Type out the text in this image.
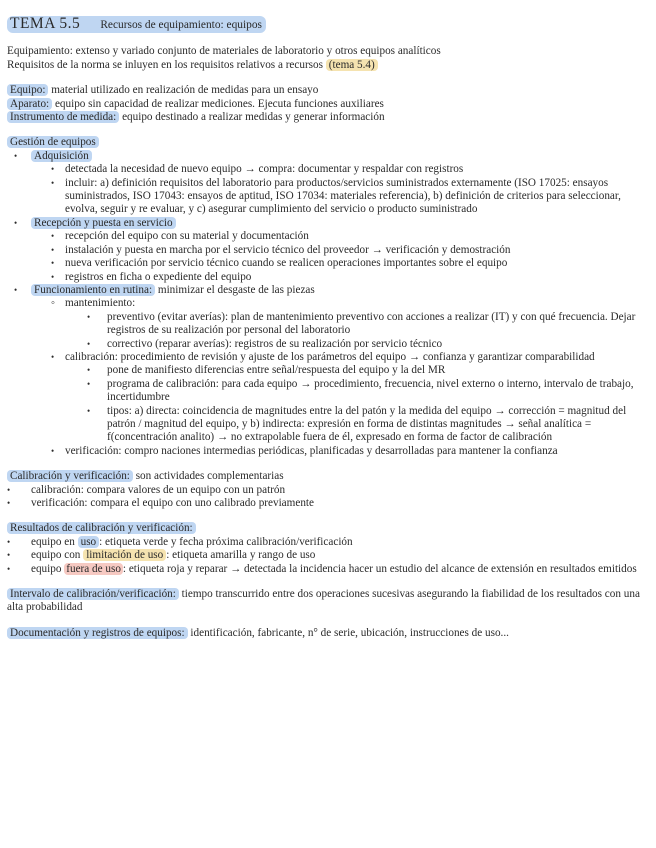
TEMA 5.5 Recursos de equipamiento: equipos

Equipamiento: extenso y variado conjunto de materiales de laboratorio y otros equipos analíticos

Requisitos de la norma se inluyen en los requisitos relativos a recursos (tema 5.4)

Equipo: material utilizado en realización de medidas para un ensayo

Aparato: equipo sin capacidad de realizar mediciones. Ejecuta funciones auxiliares

Instrumento de medida: equipo destinado a realizar medidas y generar información

Gestión de equipos

• Adquisición
• detectada la necesidad de nuevo equipo → compra: documentar y respaldar con registros
• incluir: a) definición requisitos del laboratorio para productos/servicios suministrados externamente (ISO 17025: ensayos suministrados, ISO 17043: ensayos de aptitud, ISO 17034: materiales referencia), b) definición de criterios para seleccionar, evolva, seguir y re evaluar, y c) asegurar cumplimiento del servicio o producto suministrado
• Recepción y puesta en servicio
• recepción del equipo con su material y documentación
• instalación y puesta en marcha por el servicio técnico del proveedor → verificación y demostración
• nueva verificación por servicio técnico cuando se realicen operaciones importantes sobre el equipo
• registros en ficha o expediente del equipo
• Funcionamiento en rutina: minimizar el desgaste de las piezas
◦ mantenimiento:
• preventivo (evitar averías): plan de mantenimiento preventivo con acciones a realizar (IT) y con qué frecuencia. Dejar registros de su realización por personal del laboratorio
• correctivo (reparar averías): registros de su realización por servicio técnico
• calibración: procedimiento de revisión y ajuste de los parámetros del equipo → confianza y garantizar comparabilidad
• pone de manifiesto diferencias entre señal/respuesta del equipo y la del MR
• programa de calibración: para cada equipo → procedimiento, frecuencia, nivel externo o interno, intervalo de trabajo, incertidumbre
• tipos: a) directa: coincidencia de magnitudes entre la del patón y la medida del equipo → corrección = magnitud del patrón / magnitud del equipo, y b) indirecta: expresión en forma de distintas magnitudes → señal analítica = f(concentración analito) → no extrapolable fuera de él, expresado en forma de factor de calibración
• verificación: compro naciones intermedias periódicas, planificadas y desarrolladas para mantener la confianza

Calibración y verificación: son actividades complementarias

• calibración: compara valores de un equipo con un patrón
• verificación: compara el equipo con uno calibrado previamente

Resultados de calibración y verificación:

• equipo en uso : etiqueta verde y fecha próxima calibración/verificación
• equipo con limitación de uso : etiqueta amarilla y rango de uso
• equipo fuera de uso : etiqueta roja y reparar → detectada la incidencia hacer un estudio del alcance de extensión en resultados emitidos

Intervalo de calibración/verificación: tiempo transcurrido entre dos operaciones sucesivas asegurando la fiabilidad de los resultados con una alta probabilidad

Documentación y registros de equipos: identificación, fabricante, n° de serie, ubicación, instrucciones de uso...
